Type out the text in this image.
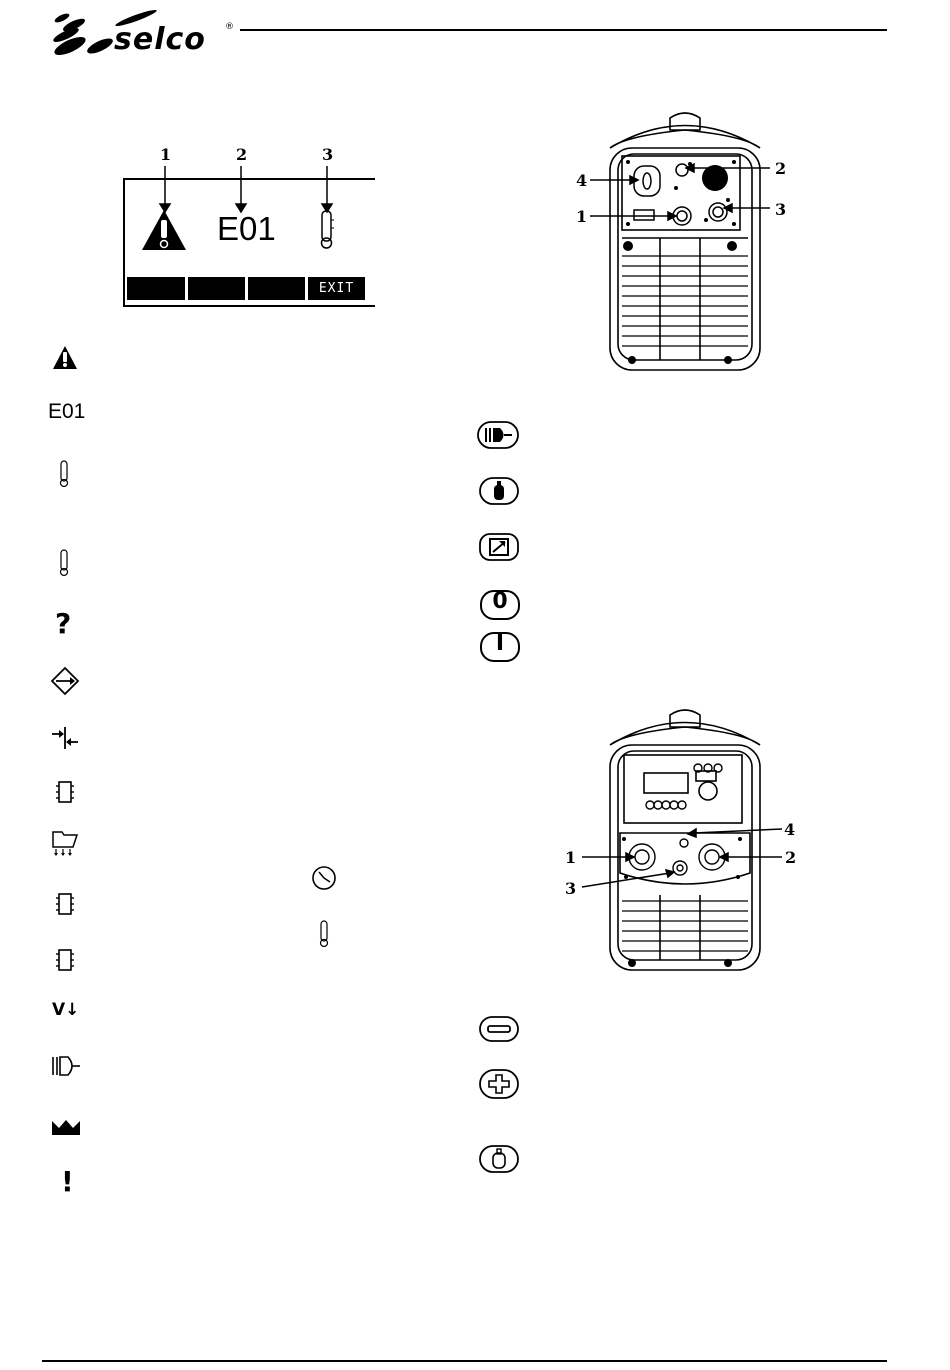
selco ®
1	2	3
E01
EXIT
E01
?
V↓
!
4
2
1	3
0
I
4
1	2
3
